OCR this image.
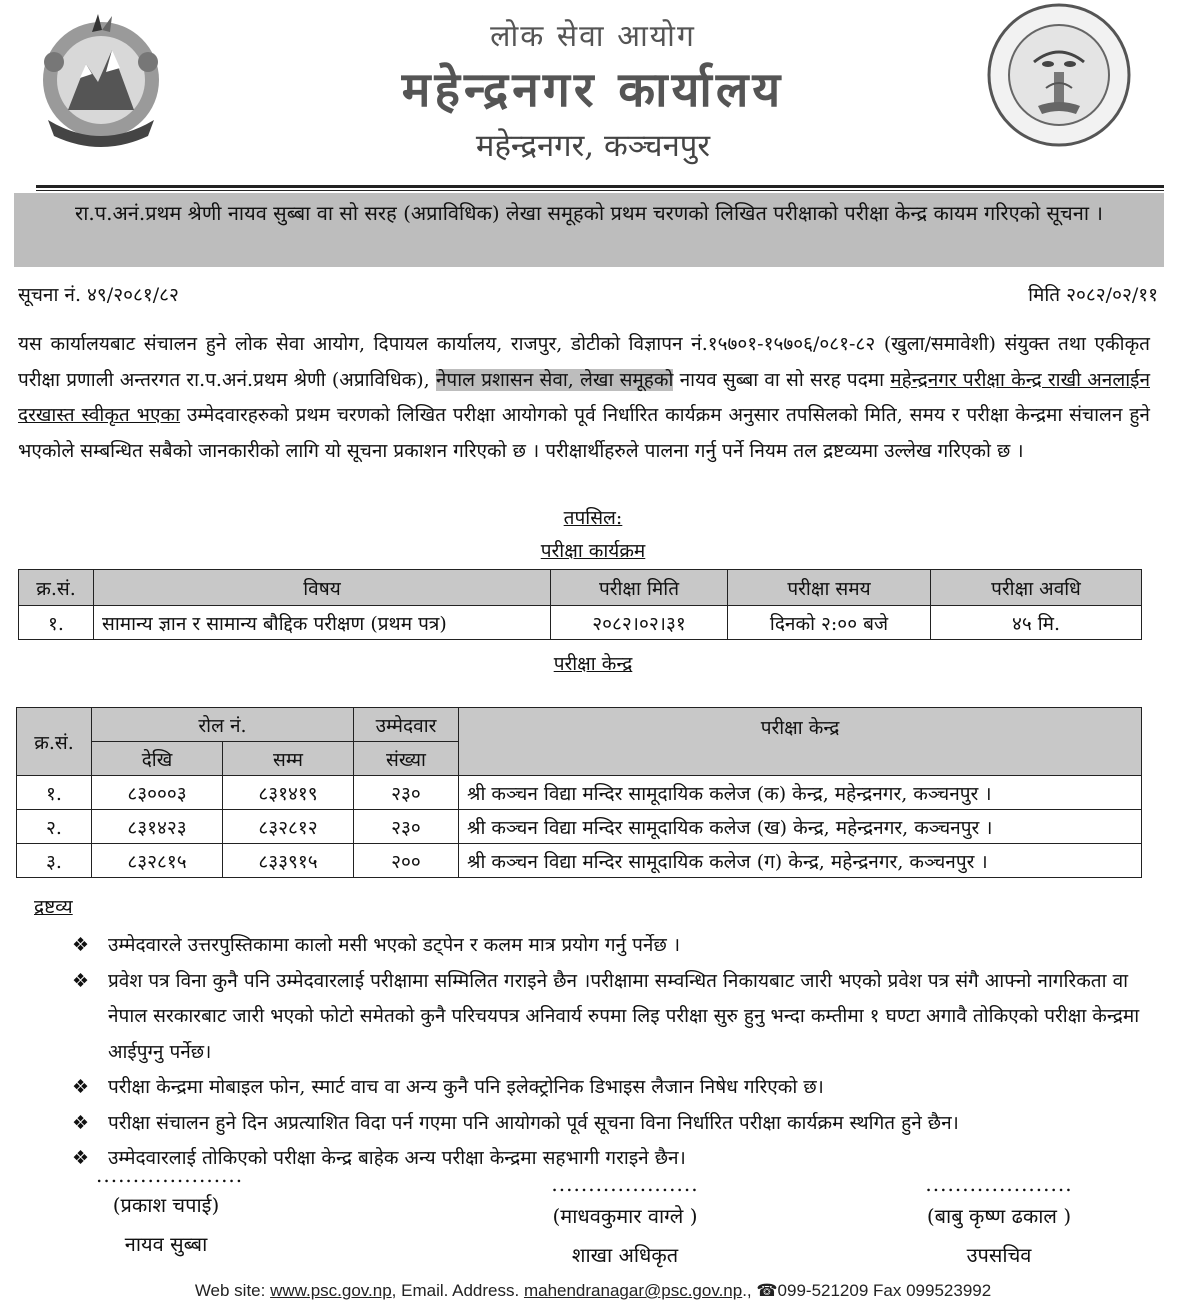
लोक सेवा आयोग
महेन्द्रनगर कार्यालय
महेन्द्रनगर, कञ्चनपुर
रा.प.अनं.प्रथम श्रेणी नायव सुब्बा वा सो सरह (अप्राविधिक) लेखा समूहको प्रथम चरणको लिखित परीक्षाको परीक्षा केन्द्र कायम गरिएको सूचना ।
सूचना नं. ४९/२०८१/८२	मिति २०८२/०२/११
यस कार्यालयबाट संचालन हुने लोक सेवा आयोग, दिपायल कार्यालय, राजपुर, डोटीको विज्ञापन नं.१५७०१-१५७०६/०८१-८२ (खुला/समावेशी) संयुक्त तथा एकीकृत परीक्षा प्रणाली अन्तरगत रा.प.अनं.प्रथम श्रेणी (अप्राविधिक), नेपाल प्रशासन सेवा, लेखा समूहको नायव सुब्बा वा सो सरह पदमा महेन्द्रनगर परीक्षा केन्द्र राखी अनलाईन दरखास्त स्वीकृत भएका उम्मेदवारहरुको प्रथम चरणको लिखित परीक्षा आयोगको पूर्व निर्धारित कार्यक्रम अनुसार तपसिलको मिति, समय र परीक्षा केन्द्रमा संचालन हुने भएकोले सम्बन्धित सबैको जानकारीको लागि यो सूचना प्रकाशन गरिएको छ । परीक्षार्थीहरुले पालना गर्नु पर्ने नियम तल द्रष्टव्यमा उल्लेख गरिएको छ ।
तपसिल:
परीक्षा कार्यक्रम
क्र.सं.	विषय	परीक्षा मिति	परीक्षा समय	परीक्षा अवधि
१.	सामान्य ज्ञान र सामान्य बौद्दिक परीक्षण (प्रथम पत्र)	२०८२।०२।३१	दिनको २:०० बजे	४५ मि.
परीक्षा केन्द्र
क्र.सं.	रोल नं.		उम्मेदवार	परीक्षा केन्द्र
	देखि	सम्म	संख्या	
१.	८३०००३	८३१४१९	२३०	श्री कञ्चन विद्या मन्दिर सामूदायिक कलेज (क) केन्द्र, महेन्द्रनगर, कञ्चनपुर ।
२.	८३१४२३	८३२८१२	२३०	श्री कञ्चन विद्या मन्दिर सामूदायिक कलेज (ख) केन्द्र, महेन्द्रनगर, कञ्चनपुर ।
३.	८३२८१५	८३३९१५	२००	श्री कञ्चन विद्या मन्दिर सामूदायिक कलेज (ग) केन्द्र, महेन्द्रनगर, कञ्चनपुर ।
द्रष्टव्य
❖ उम्मेदवारले उत्तरपुस्तिकामा कालो मसी भएको डट्पेन र कलम मात्र प्रयोग गर्नु पर्नेछ ।
❖ प्रवेश पत्र विना कुनै पनि उम्मेदवारलाई परीक्षामा सम्मिलित गराइने छैन ।परीक्षामा सम्वन्धित निकायबाट जारी भएको प्रवेश पत्र संगै आफ्नो नागरिकता वा नेपाल सरकारबाट जारी भएको फोटो समेतको कुनै परिचयपत्र अनिवार्य रुपमा लिइ परीक्षा सुरु हुनु भन्दा कम्तीमा १ घण्टा अगावै तोकिएको परीक्षा केन्द्रमा आईपुग्नु पर्नेछ।
❖ परीक्षा केन्द्रमा मोबाइल फोन, स्मार्ट वाच वा अन्य कुनै पनि इलेक्ट्रोनिक डिभाइस लैजान निषेध गरिएको छ।
❖ परीक्षा संचालन हुने दिन अप्रत्याशित विदा पर्न गएमा पनि आयोगको पूर्व सूचना विना निर्धारित परीक्षा कार्यक्रम स्थगित हुने छैन।
❖ उम्मेदवारलाई तोकिएको परीक्षा केन्द्र बाहेक अन्य परीक्षा केन्द्रमा सहभागी गराइने छैन।
....................
(प्रकाश चपाई)
नायव सुब्बा
....................
(माधवकुमार वाग्ले )
शाखा अधिकृत
....................
(बाबु कृष्ण ढकाल )
उपसचिव
Web site: www.psc.gov.np, Email. Address. mahendranagar@psc.gov.np., ☎099-521209 Fax 099523992
